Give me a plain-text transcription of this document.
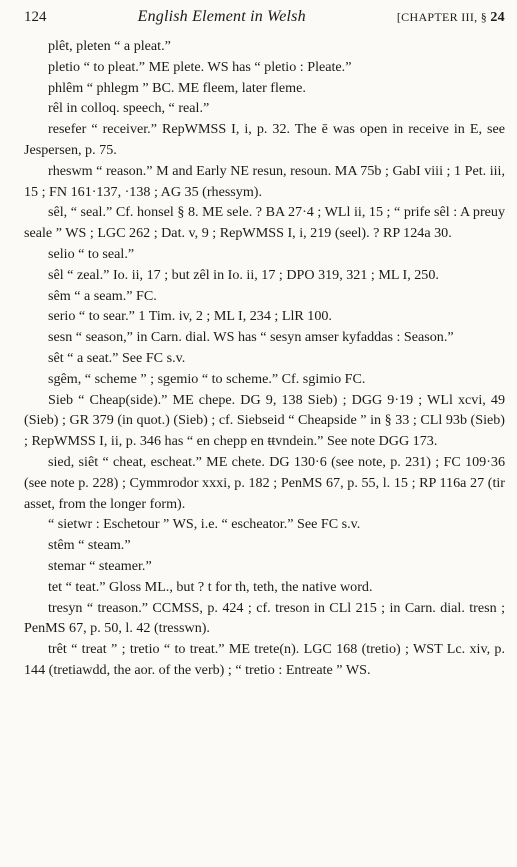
124	English Element in Welsh	[CHAPTER III, § 24

plêt, pleten “ a pleat.”

pletio “ to pleat.” ME plete. WS has “ pletio : Pleate.”

phlêm “ phlegm ” BC. ME fleem, later fleme.

rêl in colloq. speech, “ real.”

resefer “ receiver.” RepWMSS I, i, p. 32. The ē was open in receive in E, see Jespersen, p. 75.

rheswm “ reason.” M and Early NE resun, resoun. MA 75b ; GabI viii ; 1 Pet. iii, 15 ; FN 161·137, ·138 ; AG 35 (rhessym).

sêl, “ seal.” Cf. honsel § 8. ME sele. ? BA 27·4 ; WLl ii, 15 ; “ prife sêl : A preuy seale ” WS ; LGC 262 ; Dat. v, 9 ; RepWMSS I, i, 219 (seel). ? RP 124a 30.

selio “ to seal.”

sêl “ zeal.” Io. ii, 17 ; but zêl in Io. ii, 17 ; DPO 319, 321 ; ML I, 250.

sêm “ a seam.” FC.

serio “ to sear.” 1 Tim. iv, 2 ; ML I, 234 ; LlR 100.

sesn “ season,” in Carn. dial. WS has “ sesyn amser kyfaddas : Season.”

sêt “ a seat.” See FC s.v.

sgêm, “ scheme ” ; sgemio “ to scheme.” Cf. sgimio FC.

Sieb “ Cheap(side).” ME chepe. DG 9, 138 Sieb) ; DGG 9·19 ; WLl xcvi, 49 (Sieb) ; GR 379 (in quot.) (Sieb) ; cf. Siebseid “ Cheapside ” in § 33 ; CLl 93b (Sieb) ; RepWMSS I, ii, p. 346 has “ en chepp en ŧŧvndein.” See note DGG 173.

sied, siêt “ cheat, escheat.” ME chete. DG 130·6 (see note, p. 231) ; FC 109·36 (see note p. 228) ; Cymmrodor xxxi, p. 182 ; PenMS 67, p. 55, l. 15 ; RP 116a 27 (tir asset, from the longer form).

“ sietwr : Eschetour ” WS, i.e. “ escheator.” See FC s.v.

stêm “ steam.”

stemar “ steamer.”

tet “ teat.” Gloss ML., but ? t for th, teth, the native word.

tresyn “ treason.” CCMSS, p. 424 ; cf. treson in CLl 215 ; in Carn. dial. tresn ; PenMS 67, p. 50, l. 42 (tresswn).

trêt “ treat ” ; tretio “ to treat.” ME trete(n). LGC 168 (tretio) ; WST Lc. xiv, p. 144 (tretiawdd, the aor. of the verb) ; “ tretio : Entreate ” WS.
